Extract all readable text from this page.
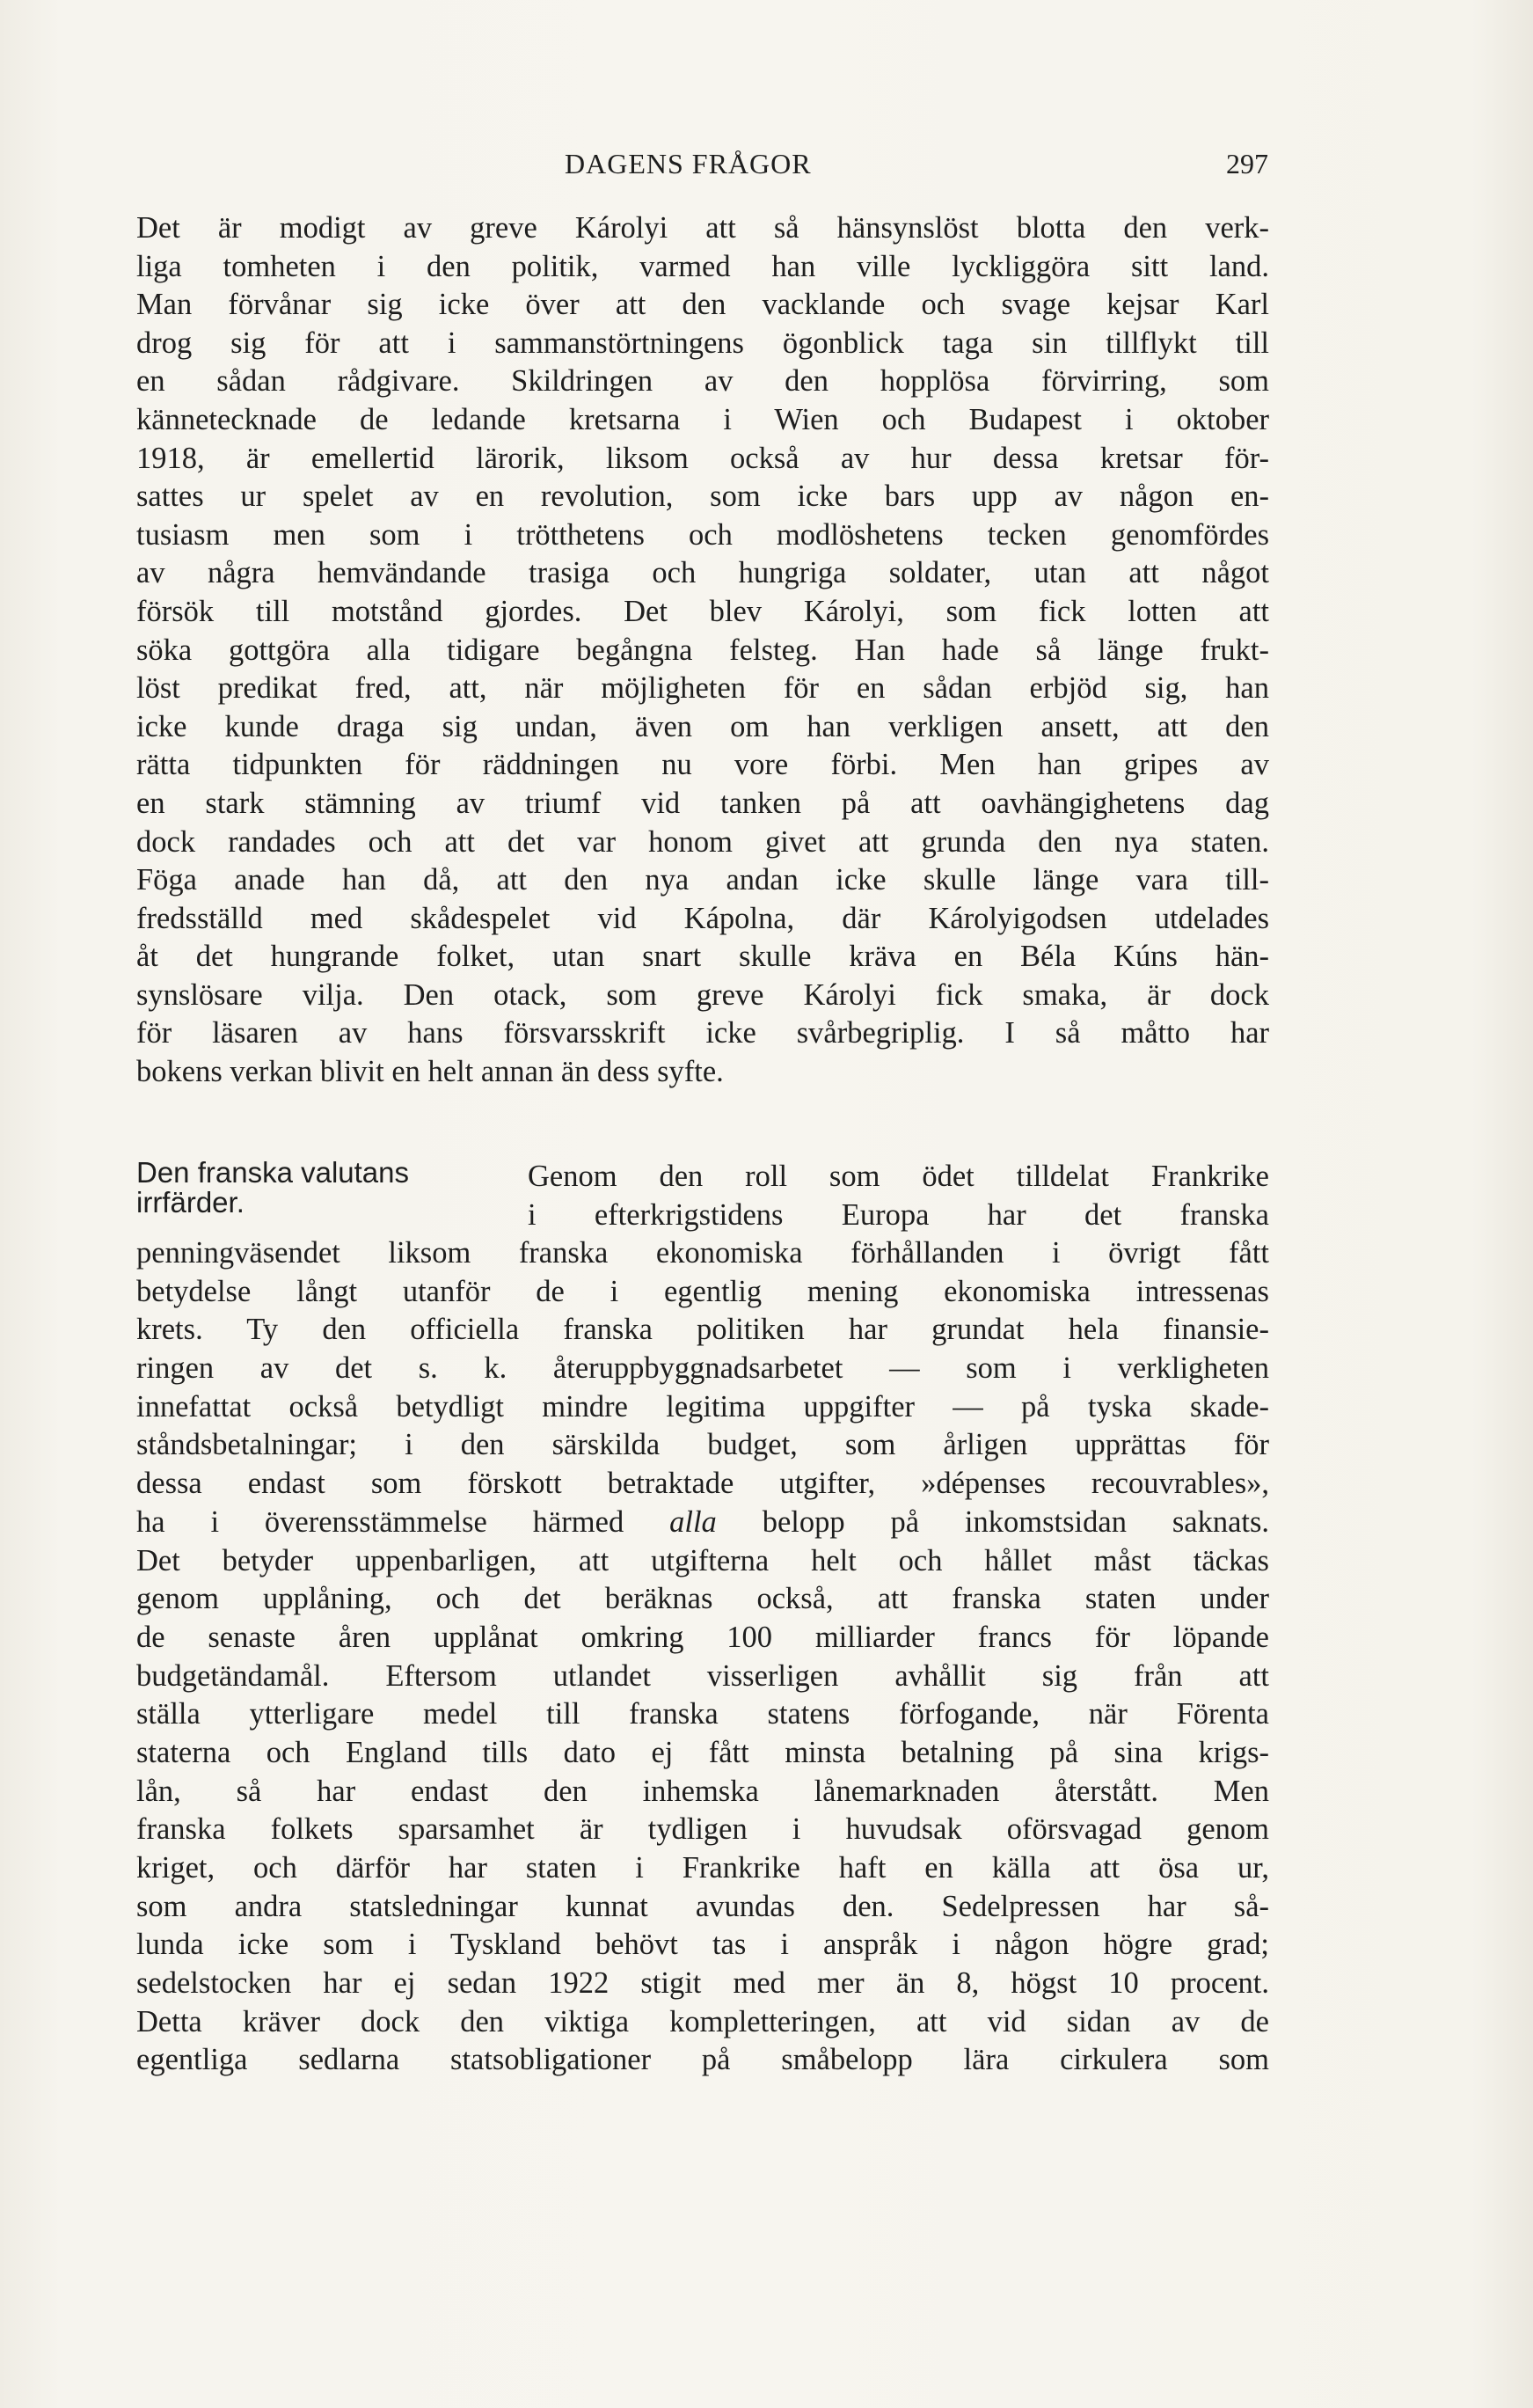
DAGENS FRÅGOR	297
Det är modigt av greve Károlyi att så hänsynslöst blotta den verk-
liga tomheten i den politik, varmed han ville lyckliggöra sitt land.
Man förvånar sig icke över att den vacklande och svage kejsar Karl
drog sig för att i sammanstörtningens ögonblick taga sin tillflykt till
en sådan rådgivare. Skildringen av den hopplösa förvirring, som
kännetecknade de ledande kretsarna i Wien och Budapest i oktober
1918, är emellertid lärorik, liksom också av hur dessa kretsar för-
sattes ur spelet av en revolution, som icke bars upp av någon en-
tusiasm men som i trötthetens och modlöshetens tecken genomfördes
av några hemvändande trasiga och hungriga soldater, utan att något
försök till motstånd gjordes. Det blev Károlyi, som fick lotten att
söka gottgöra alla tidigare begångna felsteg. Han hade så länge frukt-
löst predikat fred, att, när möjligheten för en sådan erbjöd sig, han
icke kunde draga sig undan, även om han verkligen ansett, att den
rätta tidpunkten för räddningen nu vore förbi. Men han gripes av
en stark stämning av triumf vid tanken på att oavhängighetens dag
dock randades och att det var honom givet att grunda den nya staten.
Föga anade han då, att den nya andan icke skulle länge vara till-
fredsställd med skådespelet vid Kápolna, där Károlyigodsen utdelades
åt det hungrande folket, utan snart skulle kräva en Béla Kúns hän-
synslösare vilja. Den otack, som greve Károlyi fick smaka, är dock
för läsaren av hans försvarsskrift icke svårbegriplig. I så måtto har
bokens verkan blivit en helt annan än dess syfte.
Den franska valutans
irrfärder.
Genom den roll som ödet tilldelat Frankrike
i efterkrigstidens Europa har det franska
penningväsendet liksom franska ekonomiska förhållanden i övrigt fått
betydelse långt utanför de i egentlig mening ekonomiska intressenas
krets. Ty den officiella franska politiken har grundat hela finansie-
ringen av det s. k. återuppbyggnadsarbetet — som i verkligheten
innefattat också betydligt mindre legitima uppgifter — på tyska skade-
ståndsbetalningar; i den särskilda budget, som årligen upprättas för
dessa endast som förskott betraktade utgifter, »dépenses recouvrables»,
ha i överensstämmelse härmed alla belopp på inkomstsidan saknats.
Det betyder uppenbarligen, att utgifterna helt och hållet måst täckas
genom upplåning, och det beräknas också, att franska staten under
de senaste åren upplånat omkring 100 milliarder francs för löpande
budgetändamål. Eftersom utlandet visserligen avhållit sig från att
ställa ytterligare medel till franska statens förfogande, när Förenta
staterna och England tills dato ej fått minsta betalning på sina krigs-
lån, så har endast den inhemska lånemarknaden återstått. Men
franska folkets sparsamhet är tydligen i huvudsak oförsvagad genom
kriget, och därför har staten i Frankrike haft en källa att ösa ur,
som andra statsledningar kunnat avundas den. Sedelpressen har så-
lunda icke som i Tyskland behövt tas i anspråk i någon högre grad;
sedelstocken har ej sedan 1922 stigit med mer än 8, högst 10 procent.
Detta kräver dock den viktiga kompletteringen, att vid sidan av de
egentliga sedlarna statsobligationer på småbelopp lära cirkulera som
